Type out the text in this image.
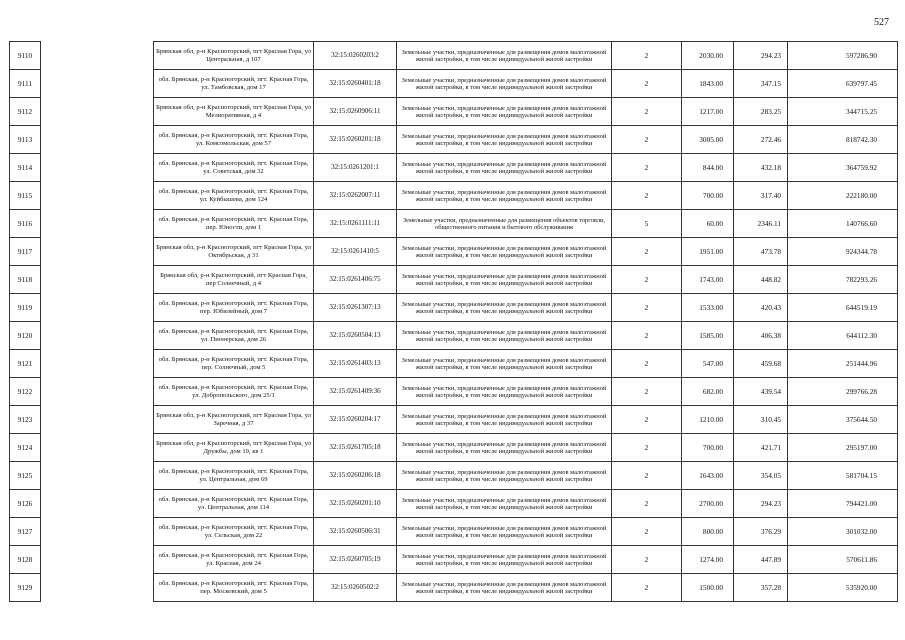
527
9110		Брянская обл, р-н Красногорский, пгт Красная Гора, ул Центральная, д 107	32:15:0260203:2	Земельные участки, предназначенные для размещения домов малоэтажной жилой застройки, в том числе индивидуальной жилой застройки	2	2030.00	294.23	597286.90
9111		обл. Брянская, р-н Красногорский, пгт. Красная Гора, ул. Тамбовская, дом 17	32:15:0260401:18	Земельные участки, предназначенные для размещения домов малоэтажной жилой застройки, в том числе индивидуальной жилой застройки	2	1843.00	347.15	639797.45
9112		Брянская обл, р-н Красногорский, пгт Красная Гора, ул Мелиоративная, д 4	32:15:0260906:11	Земельные участки, предназначенные для размещения домов малоэтажной жилой застройки, в том числе индивидуальной жилой застройки	2	1217.00	283.25	344715.25
9113		обл. Брянская, р-н Красногорский, пгт. Красная Гора, ул. Комсомольская, дом 57	32:15:0260201:18	Земельные участки, предназначенные для размещения домов малоэтажной жилой застройки, в том числе индивидуальной жилой застройки	2	3005.00	272.46	818742.30
9114		обл. Брянская, р-н Красногорский, пгт. Красная Гора, ул. Советская, дом 32	32:15:0261201:1	Земельные участки, предназначенные для размещения домов малоэтажной жилой застройки, в том числе индивидуальной жилой застройки	2	844.00	432.18	364759.92
9115		обл. Брянская, р-н Красногорский, пгт. Красная Гора, ул. Куйбышева, дом 124	32:15:0262007:11	Земельные участки, предназначенные для размещения домов малоэтажной жилой застройки, в том числе индивидуальной жилой застройки	2	700.00	317.40	222180.00
9116		обл. Брянская, р-н Красногорский, пгт. Красная Гора, пер. Юности, дом 1	32:15:0261111:11	Земельные участки, предназначенные для размещения объектов торговли, общественного питания и бытового обслуживания	5	60.00	2346.11	140766.60
9117		Брянская обл, р-н Красногорский, пгт Красная Гора, ул Октябрьская, д 31	32:15:0261410:5	Земельные участки, предназначенные для размещения домов малоэтажной жилой застройки, в том числе индивидуальной жилой застройки	2	1951.00	473.78	924344.78
9118		Брянская обл, р-н Красногорский, пгт Красная Гора, пер Солнечный, д 4	32:15:0261406:75	Земельные участки, предназначенные для размещения домов малоэтажной жилой застройки, в том числе индивидуальной жилой застройки	2	1743.00	448.82	782293.26
9119		обл. Брянская, р-н Красногорский, пгт. Красная Гора, пер. Юбилейный, дом 7	32:15:0261307:13	Земельные участки, предназначенные для размещения домов малоэтажной жилой застройки, в том числе индивидуальной жилой застройки	2	1533.00	420.43	644519.19
9120		обл. Брянская, р-н Красногорский, пгт. Красная Гора, ул. Пионерская, дом 26	32:15:0260504:13	Земельные участки, предназначенные для размещения домов малоэтажной жилой застройки, в том числе индивидуальной жилой застройки	2	1585.00	406.38	644112.30
9121		обл. Брянская, р-н Красногорский, пгт. Красная Гора, пер. Солнечный, дом 5	32:15:0261403:13	Земельные участки, предназначенные для размещения домов малоэтажной жилой застройки, в том числе индивидуальной жилой застройки	2	547.00	459.68	251444.96
9122		обл. Брянская, р-н Красногорский, пгт. Красная Гора, ул. Добропольского, дом 25/1	32:15:0261409:36	Земельные участки, предназначенные для размещения домов малоэтажной жилой застройки, в том числе индивидуальной жилой застройки	2	682.00	439.54	299766.28
9123		Брянская обл, р-н Красногорский, пгт Красная Гора, ул Заречная, д 37	32:15:0260204:17	Земельные участки, предназначенные для размещения домов малоэтажной жилой застройки, в том числе индивидуальной жилой застройки	2	1210.00	310.45	375644.50
9124		Брянская обл, р-н Красногорский, пгт Красная Гора, ул Дружбы, дом 19, кв 1	32:15:0261705:18	Земельные участки, предназначенные для размещения домов малоэтажной жилой застройки, в том числе индивидуальной жилой застройки	2	700.00	421.71	295197.00
9125		обл. Брянская, р-н Красногорский, пгт. Красная Гора, ул. Центральная, дом 69	32:15:0260206:18	Земельные участки, предназначенные для размещения домов малоэтажной жилой застройки, в том числе индивидуальной жилой застройки	2	1643.00	354.05	581704.15
9126		обл. Брянская, р-н Красногорский, пгт. Красная Гора, ул. Центральная, дом 114	32:15:0260201:10	Земельные участки, предназначенные для размещения домов малоэтажной жилой застройки, в том числе индивидуальной жилой застройки	2	2700.00	294.23	794421.00
9127		обл. Брянская, р-н Красногорский, пгт. Красная Гора, ул. Сельская, дом 22	32:15:0260506:31	Земельные участки, предназначенные для размещения домов малоэтажной жилой застройки, в том числе индивидуальной жилой застройки	2	800.00	376.29	301032.00
9128		обл. Брянская, р-н Красногорский, пгт. Красная Гора, ул. Красная, дом 24	32:15:0260705:19	Земельные участки, предназначенные для размещения домов малоэтажной жилой застройки, в том числе индивидуальной жилой застройки	2	1274.00	447.89	570611.86
9129		обл. Брянская, р-н Красногорский, пгт. Красная Гора, пер. Московский, дом 5	32:15:0260502:2	Земельные участки, предназначенные для размещения домов малоэтажной жилой застройки, в том числе индивидуальной жилой застройки	2	1500.00	357.28	535920.00
